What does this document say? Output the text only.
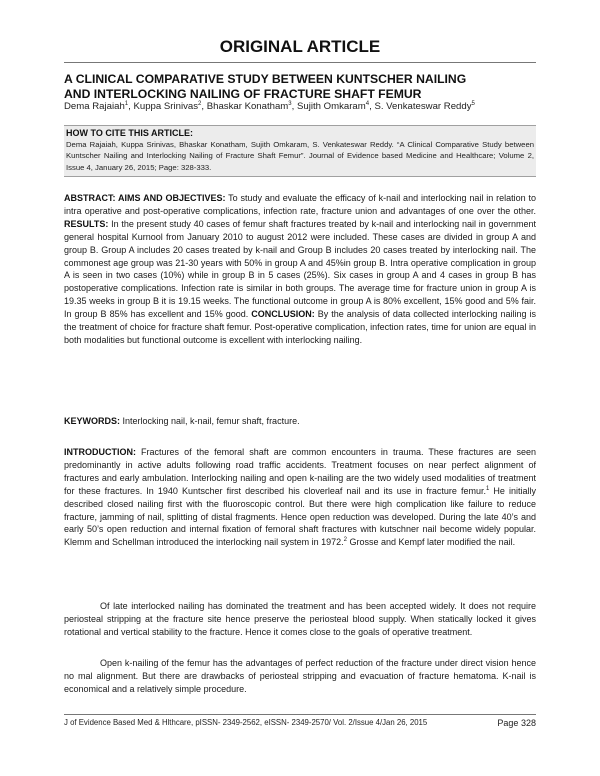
ORIGINAL ARTICLE
A CLINICAL COMPARATIVE STUDY BETWEEN KUNTSCHER NAILING
AND INTERLOCKING NAILING OF FRACTURE SHAFT FEMUR
Dema Rajaiah$^1$, Kuppa Srinivas$^2$, Bhaskar Konatham$^3$, Sujith Omkaram$^4$, S. Venkateswar Reddy$^5$
HOW TO CITE THIS ARTICLE:
Dema Rajaiah, Kuppa Srinivas, Bhaskar Konatham, Sujith Omkaram, S. Venkateswar Reddy. “A Clinical Comparative Study between Kuntscher Nailing and Interlocking Nailing of Fracture Shaft Femur”. Journal of Evidence based Medicine and Healthcare; Volume 2, Issue 4, January 26, 2015; Page: 328-333.
ABSTRACT: AIMS AND OBJECTIVES: To study and evaluate the efficacy of k-nail and interlocking nail in relation to intra operative and post-operative complications, infection rate, fracture union and advantages of one over the other. RESULTS: In the present study 40 cases of femur shaft fractures treated by k-nail and interlocking nail in government general hospital Kurnool from January 2010 to august 2012 were included. These cases are divided in group A and group B. Group A includes 20 cases treated by k-nail and Group B includes 20 cases treated by interlocking nail. The commonest age group was 21-30 years with 50% in group A and 45%in group B. Intra operative complication in group A is seen in two cases (10%) while in group B in 5 cases (25%). Six cases in group A and 4 cases in group B has postoperative complications. Infection rate is similar in both groups. The average time for fracture union in group A is 19.35 weeks in group B it is 19.15 weeks. The functional outcome in group A is 80% excellent, 15% good and 5% fair. In group B 85% has excellent and 15% good. CONCLUSION: By the analysis of data collected interlocking nailing is the treatment of choice for fracture shaft femur. Post-operative complication, infection rates, time for union are equal in both modalities but functional outcome is excellent with interlocking nailing.
KEYWORDS: Interlocking nail, k-nail, femur shaft, fracture.
INTRODUCTION: Fractures of the femoral shaft are common encounters in trauma. These fractures are seen predominantly in active adults following road traffic accidents. Treatment focuses on near perfect alignment of fractures and early ambulation. Interlocking nailing and open k-nailing are the two widely used modalities of treatment for these fractures. In 1940 Kuntscher first described his cloverleaf nail and its use in fracture femur.$^1$ He initially described closed nailing first with the fluoroscopic control. But there were high complication like failure to reduce fracture, jamming of nail, splitting of distal fragments. Hence open reduction was developed. During the late 40’s and early 50’s open reduction and internal fixation of femoral shaft fractures with kutschner nail become widely popular. Klemm and Schellman introduced the interlocking nail system in 1972.$^2$ Grosse and Kempf later modified the nail.
Of late interlocked nailing has dominated the treatment and has been accepted widely. It does not require periosteal stripping at the fracture site hence preserve the periosteal blood supply. When statically locked it gives rotational and vertical stability to the fracture. Hence it comes close to the goals of operative treatment.
Open k-nailing of the femur has the advantages of perfect reduction of the fracture under direct vision hence no mal alignment. But there are drawbacks of periosteal stripping and evacuation of fracture hematoma. K-nail is economical and a relatively simple procedure.
J of Evidence Based Med & Hlthcare, pISSN- 2349-2562, eISSN- 2349-2570/ Vol. 2/Issue 4/Jan 26, 2015	Page 328
